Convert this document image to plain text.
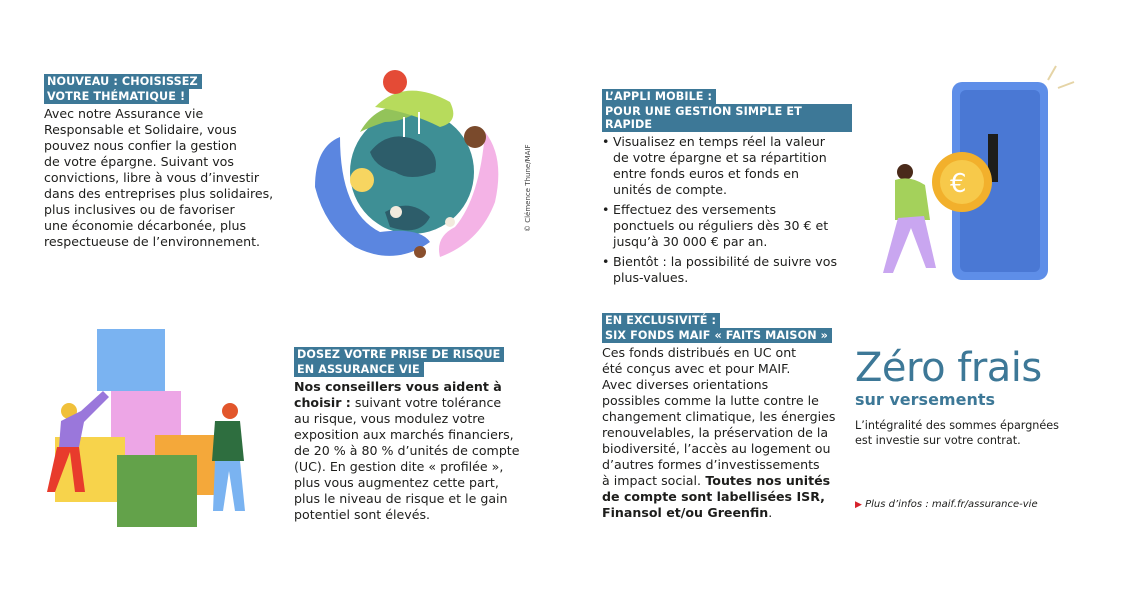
NOUVEAU : CHOISISSEZ
VOTRE THÉMATIQUE !
Avec notre Assurance vie
Responsable et Solidaire, vous
pouvez nous confier la gestion
de votre épargne. Suivant vos
convictions, libre à vous d’investir
dans des entreprises plus solidaires,
plus inclusives ou de favoriser
une économie décarbonée, plus
respectueuse de l’environnement.
© Clémence Thune/MAIF
L’APPLI MOBILE :
POUR UNE GESTION SIMPLE ET RAPIDE
• Visualisez en temps réel la valeur
de votre épargne et sa répartition
entre fonds euros et fonds en
unités de compte.
• Effectuez des versements
ponctuels ou réguliers dès 30 € et
jusqu’à 30 000 € par an.
• Bientôt : la possibilité de suivre vos
plus-values.
€
DOSEZ VOTRE PRISE DE RISQUE
EN ASSURANCE VIE
Nos conseillers vous aident à
choisir : suivant votre tolérance
au risque, vous modulez votre
exposition aux marchés financiers,
de 20 % à 80 % d’unités de compte
(UC). En gestion dite « profilée »,
plus vous augmentez cette part,
plus le niveau de risque et le gain
potentiel sont élevés.
EN EXCLUSIVITÉ :
SIX FONDS MAIF « FAITS MAISON »
Ces fonds distribués en UC ont
été conçus avec et pour MAIF.
Avec diverses orientations
possibles comme la lutte contre le
changement climatique, les énergies
renouvelables, la préservation de la
biodiversité, l’accès au logement ou
d’autres formes d’investissements
à impact social. Toutes nos unités
de compte sont labellisées ISR,
Finansol et/ou Greenfin.
Zéro frais
sur versements
L’intégralité des sommes épargnées
est investie sur votre contrat.
▶ Plus d’infos : maif.fr/assurance-vie
